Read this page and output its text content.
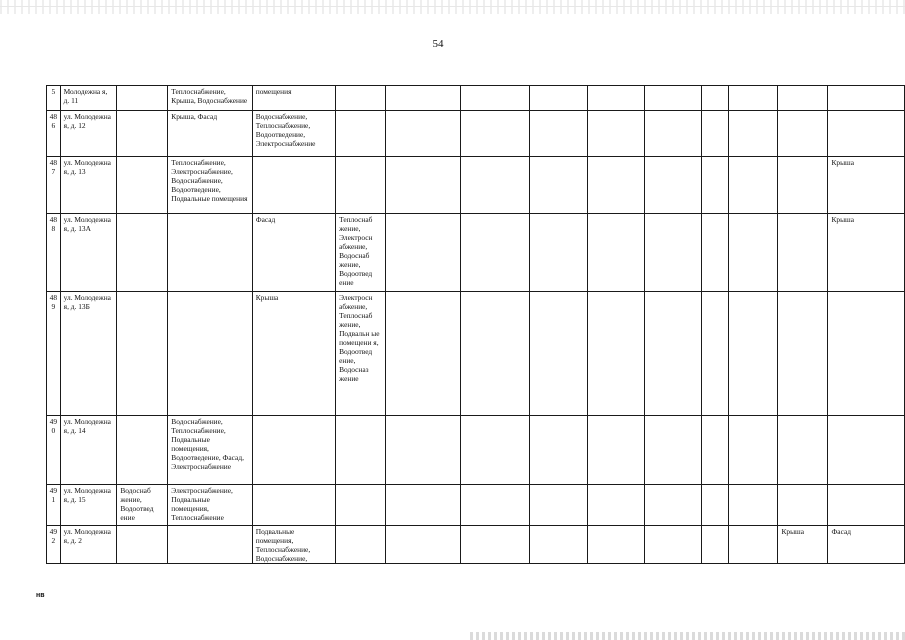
54
5	Молодежна я, д. 11		Теплоснабжение, Крыша, Водоснабжение	помещения										
48 6	ул. Молодежна я, д. 12		Крыша, Фасад	Водоснабжение, Теплоснабжение, Водоотведение, Электроснабжение										
48 7	ул. Молодежна я, д. 13		Теплоснабжение, Электроснабжение, Водоснабжение, Водоотведение, Подвальные помещения											Крыша
48 8	ул. Молодежна я, д. 13А			Фасад	Теплоснаб жение, Электросн абжение, Водоснаб жение, Водоотвед ение									Крыша
48 9	ул. Молодежна я, д. 13Б			Крыша	Электросн абжение, Теплоснаб жение, Подвальн ые помещени я, Водоотвед ение, Водосназ жение									
49 0	ул. Молодежна я, д. 14		Водоснабжение, Теплоснабжение, Подвальные помещения, Водоотведение, Фасад, Электроснабжение											
49 1	ул. Молодежна я, д. 15	Водоснаб жение, Водоотвед ение	Электроснабжение, Подвальные помещения, Теплоснабжение											
49 2	ул. Молодежна я, д. 2			Подвальные помещения, Теплоснабжение, Водоснабжение,									Крыша	Фасад
нв
